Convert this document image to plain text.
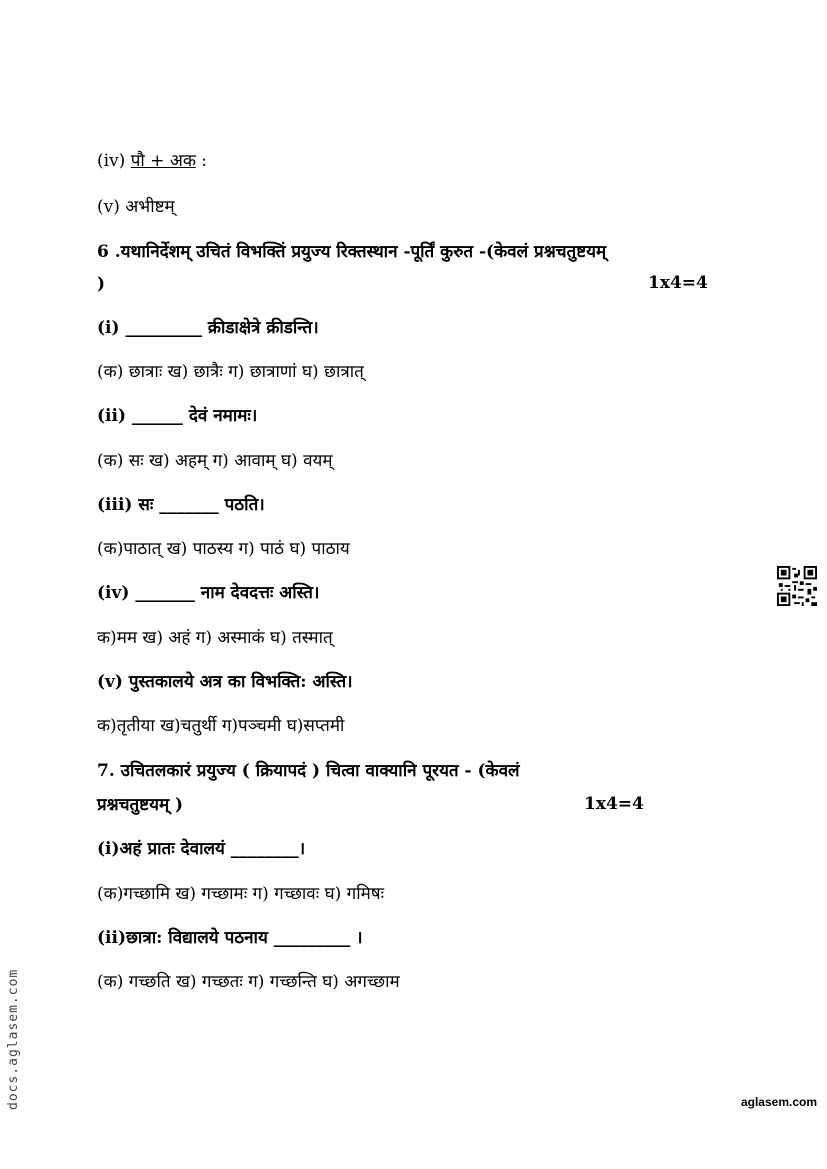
(iv) पौ + अक :
(v) अभीष्टम्
6 .यथानिर्देशम् उचितं विभक्तिं प्रयुज्य रिक्तस्थान -पूर्तिं कुरुत -(केवलं प्रश्नचतुष्टयम्
)	1x4=4
(i) _________ क्रीडाक्षेत्रे क्रीडन्ति।
(क) छात्राः ख) छात्रैः ग) छात्राणां घ) छात्रात्
(ii) ______ देवं नमामः।
(क) सः ख) अहम् ग) आवाम् घ) वयम्
(iii) सः _______ पठति।
(क)पाठात् ख) पाठस्य ग) पाठं घ) पाठाय
(iv) _______ नाम देवदत्तः अस्ति।
क)मम ख) अहं ग) अस्माकं घ) तस्मात्
(v) पुस्तकालये अत्र का विभक्ति: अस्ति।
क)तृतीया ख)चतुर्थी ग)पञ्चमी घ)सप्तमी
7. उचितलकारं प्रयुज्य ( क्रियापदं ) चित्वा वाक्यानि पूरयत - (केवलं
प्रश्नचतुष्टयम् )	1x4=4
(i)अहं प्रातः देवालयं ________।
(क)गच्छामि ख) गच्छामः ग) गच्छावः घ) गमिषः
(ii)छात्रा: विद्यालये पठनाय _________ ।
(क) गच्छति ख) गच्छतः ग) गच्छन्ति घ) अगच्छाम
docs.aglasem.com	aglasem.com
